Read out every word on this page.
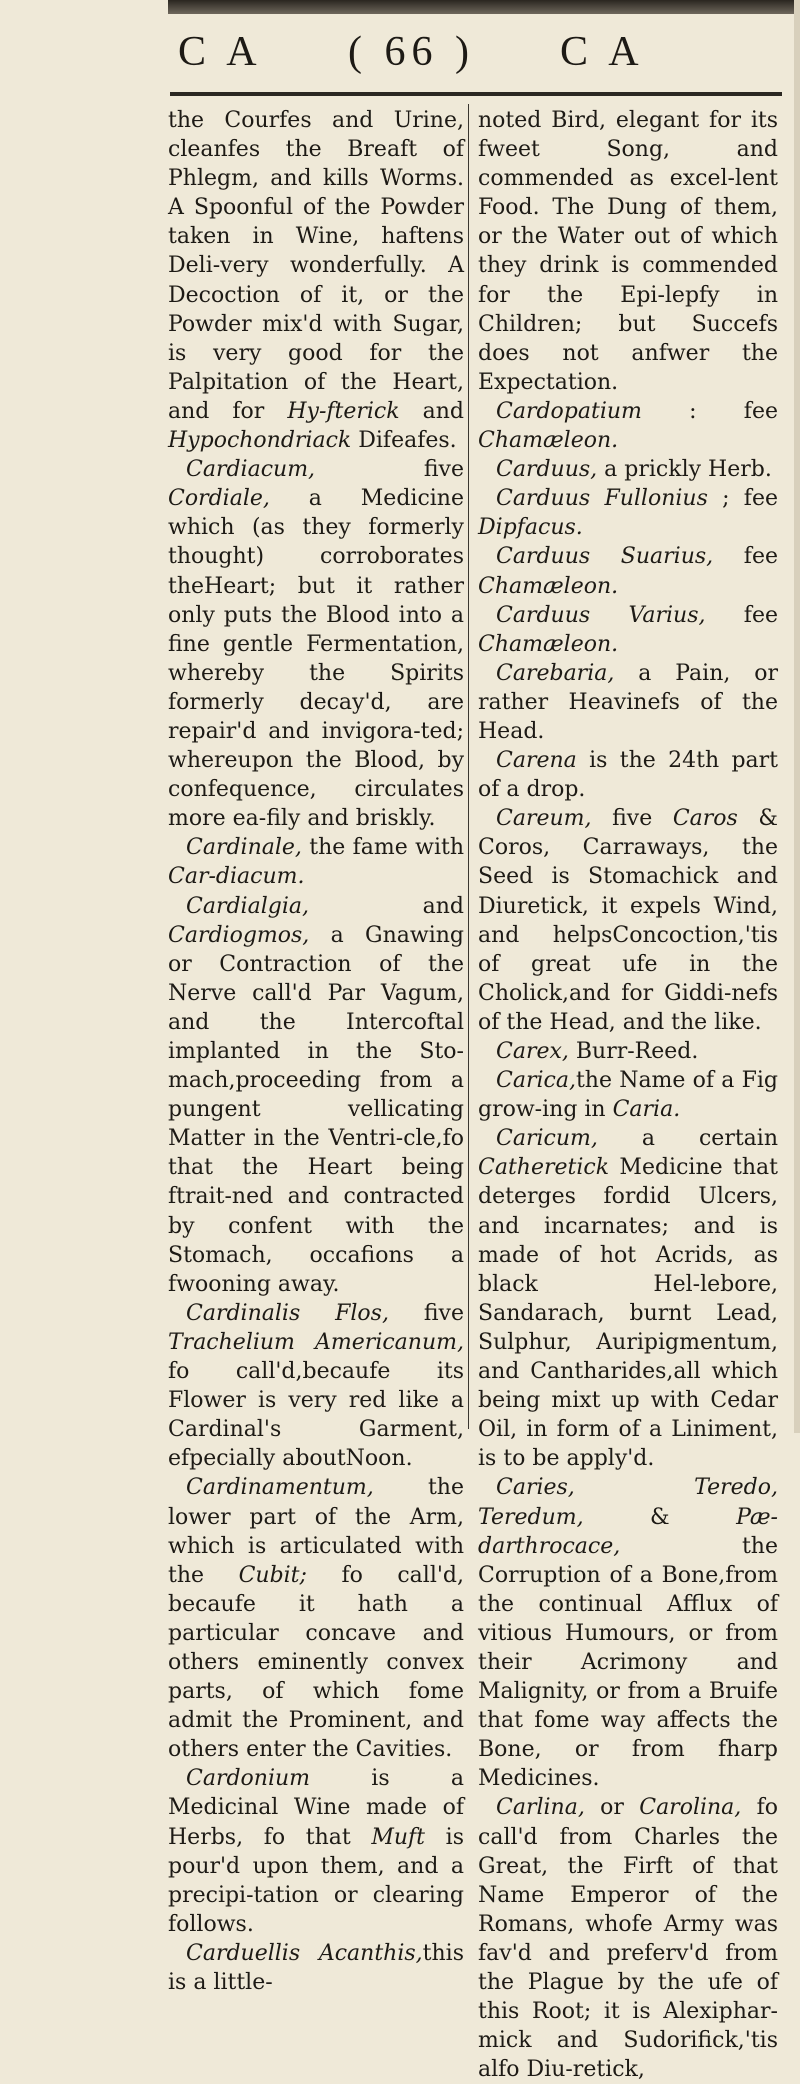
C A ( 66 ) C A

the Courfes and Urine, cleanfes the Breaft of Phlegm, and kills Worms. A Spoonful of the Powder taken in Wine, haftens Deli-very wonderfully. A Decoction of it, or the Powder mix'd with Sugar, is very good for the Palpitation of the Heart, and for Hy-fterick and Hypochondriack Difeafes.

Cardiacum, five Cordiale, a Medicine which (as they formerly thought) corroborates theHeart; but it rather only puts the Blood into a fine gentle Fermentation, whereby the Spirits formerly decay'd, are repair'd and invigora-ted; whereupon the Blood, by confequence, circulates more ea-fily and briskly.

Cardinale, the fame with Car-diacum.

Cardialgia, and Cardiogmos, a Gnawing or Contraction of the Nerve call'd Par Vagum, and the Intercoftal implanted in the Sto-mach,proceeding from a pungent vellicating Matter in the Ventri-cle,fo that the Heart being ftrait-ned and contracted by confent with the Stomach, occafions a fwooning away.

Cardinalis Flos, five Trachelium Americanum, fo call'd,becaufe its Flower is very red like a Cardinal's Garment, efpecially aboutNoon.

Cardinamentum, the lower part of the Arm, which is articulated with the Cubit; fo call'd, becaufe it hath a particular concave and others eminently convex parts, of which fome admit the Prominent, and others enter the Cavities.

Cardonium is a Medicinal Wine made of Herbs, fo that Muft is pour'd upon them, and a precipi-tation or clearing follows.

Carduellis Acanthis,this is a little-

noted Bird, elegant for its fweet Song, and commended as excel-lent Food. The Dung of them, or the Water out of which they drink is commended for the Epi-lepfy in Children; but Succefs does not anfwer the Expectation.

Cardopatium : fee Chamæleon.

Carduus, a prickly Herb.

Carduus Fullonius ; fee Dipfacus.

Carduus Suarius, fee Chamæleon.

Carduus Varius, fee Chamæleon.

Carebaria, a Pain, or rather Heavinefs of the Head.

Carena is the 24th part of a drop.

Careum, five Caros & Coros, Carraways, the Seed is Stomachick and Diuretick, it expels Wind, and helpsConcoction,'tis of great ufe in the Cholick,and for Giddi-nefs of the Head, and the like.

Carex, Burr-Reed.

Carica,the Name of a Fig grow-ing in Caria.

Caricum, a certain Catheretick Medicine that deterges fordid Ulcers, and incarnates; and is made of hot Acrids, as black Hel-lebore, Sandarach, burnt Lead, Sulphur, Auripigmentum, and Cantharides,all which being mixt up with Cedar Oil, in form of a Liniment, is to be apply'd.

Caries, Teredo, Teredum, & Pæ-darthrocace, the Corruption of a Bone,from the continual Afflux of vitious Humours, or from their Acrimony and Malignity, or from a Bruife that fome way affects the Bone, or from fharp Medicines.

Carlina, or Carolina, fo call'd from Charles the Great, the Firft of that Name Emperor of the Romans, whofe Army was fav'd and preferv'd from the Plague by the ufe of this Root; it is Alexiphar-mick and Sudorifick,'tis alfo Diu-retick,
